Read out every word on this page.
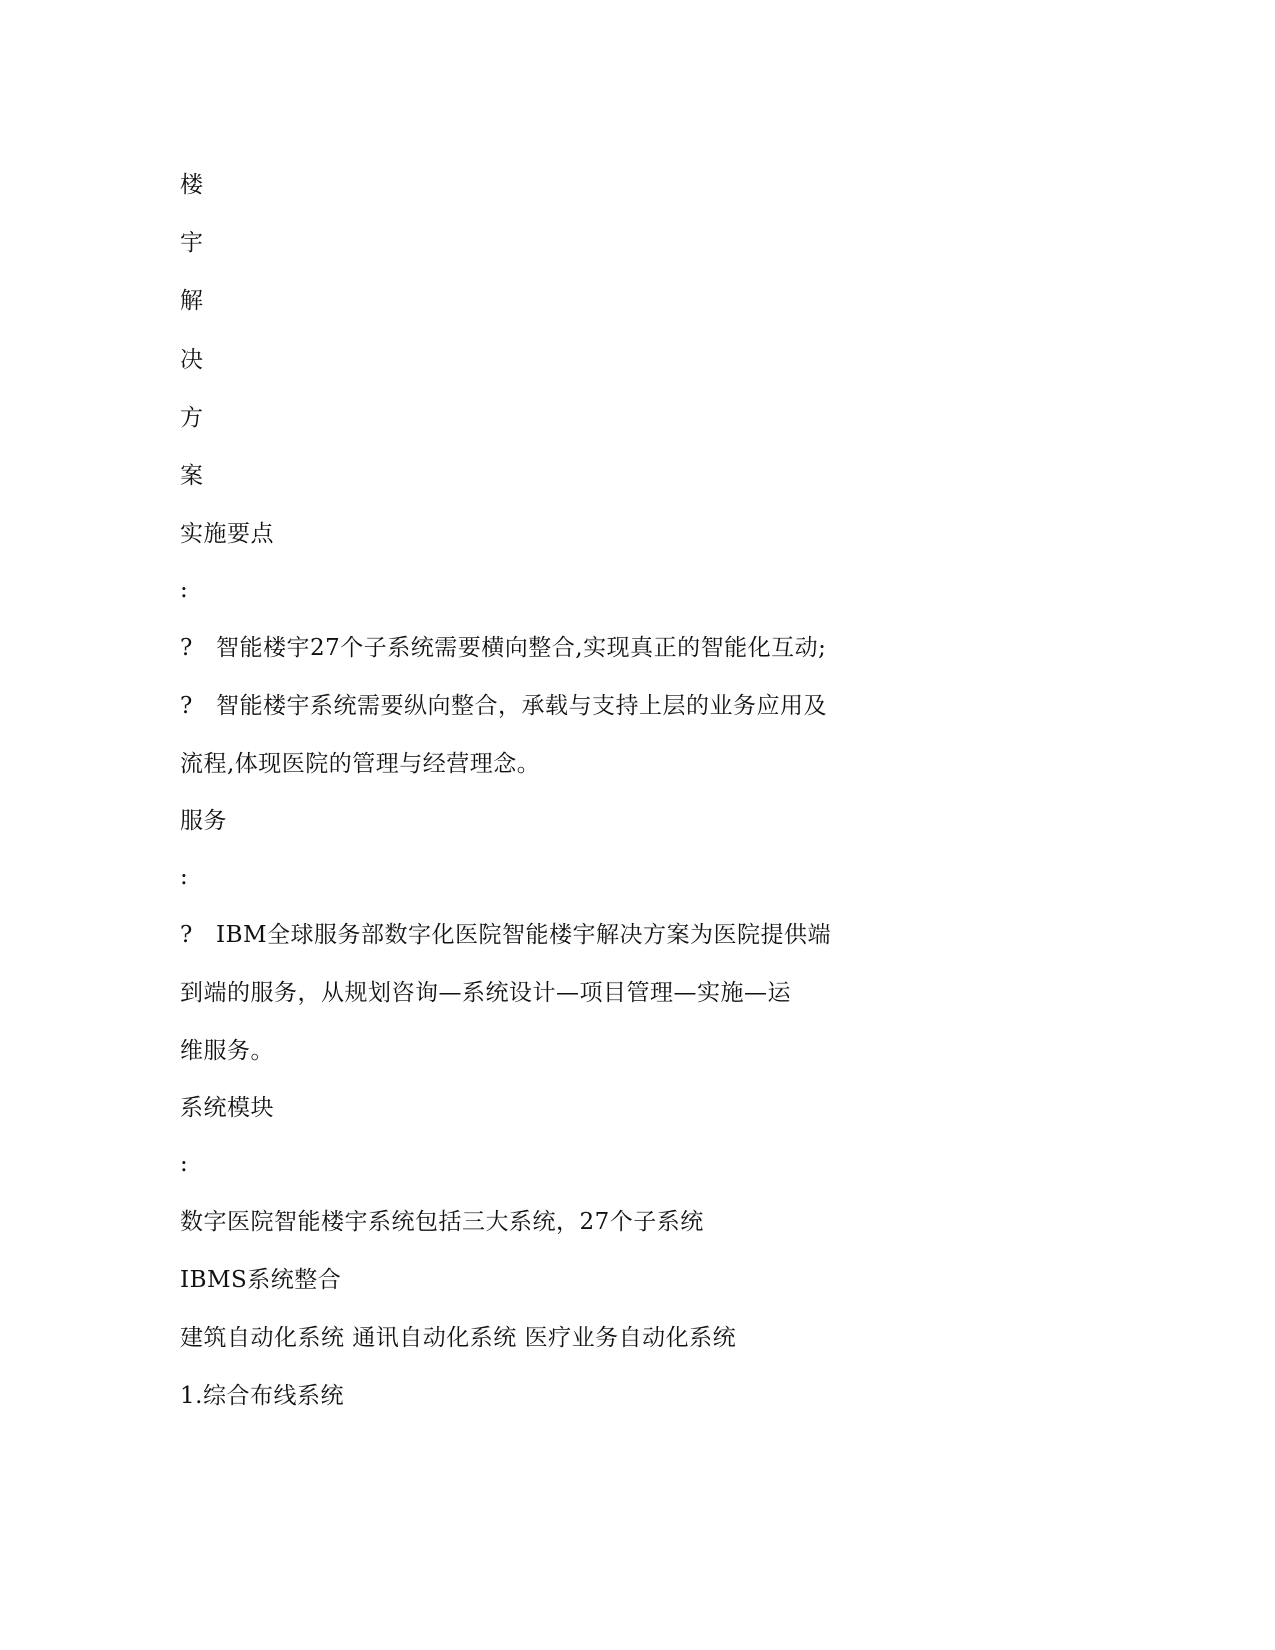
楼
宇
解
决
方
案
实施要点
:
? 智能楼宇27个子系统需要横向整合,实现真正的智能化互动;
? 智能楼宇系统需要纵向整合，承载与支持上层的业务应用及
流程,体现医院的管理与经营理念。
服务
:
? IBM全球服务部数字化医院智能楼宇解决方案为医院提供端
到端的服务，从规划咨询—系统设计—项目管理—实施—运
维服务。
系统模块
:
数字医院智能楼宇系统包括三大系统，27个子系统
IBMS系统整合
建筑自动化系统 通讯自动化系统 医疗业务自动化系统
1.综合布线系统
